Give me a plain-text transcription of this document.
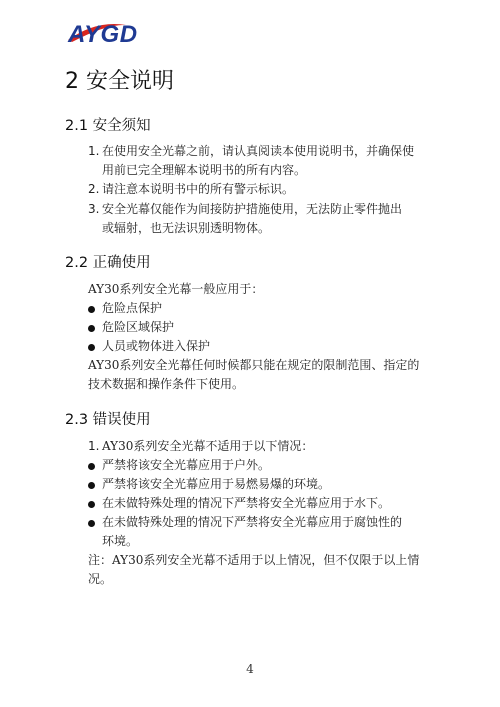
AYGD
2 安全说明
2.1 安全须知
1. 在使用安全光幕之前，请认真阅读本使用说明书，并确保使
用前已完全理解本说明书的所有内容。
2. 请注意本说明书中的所有警示标识。
3. 安全光幕仅能作为间接防护措施使用，无法防止零件抛出
或辐射，也无法识别透明物体。
2.2 正确使用
AY30系列安全光幕一般应用于：
危险点保护
危险区域保护
人员或物体进入保护
AY30系列安全光幕任何时候都只能在规定的限制范围、指定的
技术数据和操作条件下使用。
2.3 错误使用
1. AY30系列安全光幕不适用于以下情况：
严禁将该安全光幕应用于户外。
严禁将该安全光幕应用于易燃易爆的环境。
在未做特殊处理的情况下严禁将安全光幕应用于水下。
在未做特殊处理的情况下严禁将安全光幕应用于腐蚀性的
环境。
注：AY30系列安全光幕不适用于以上情况，但不仅限于以上情
况。
4
